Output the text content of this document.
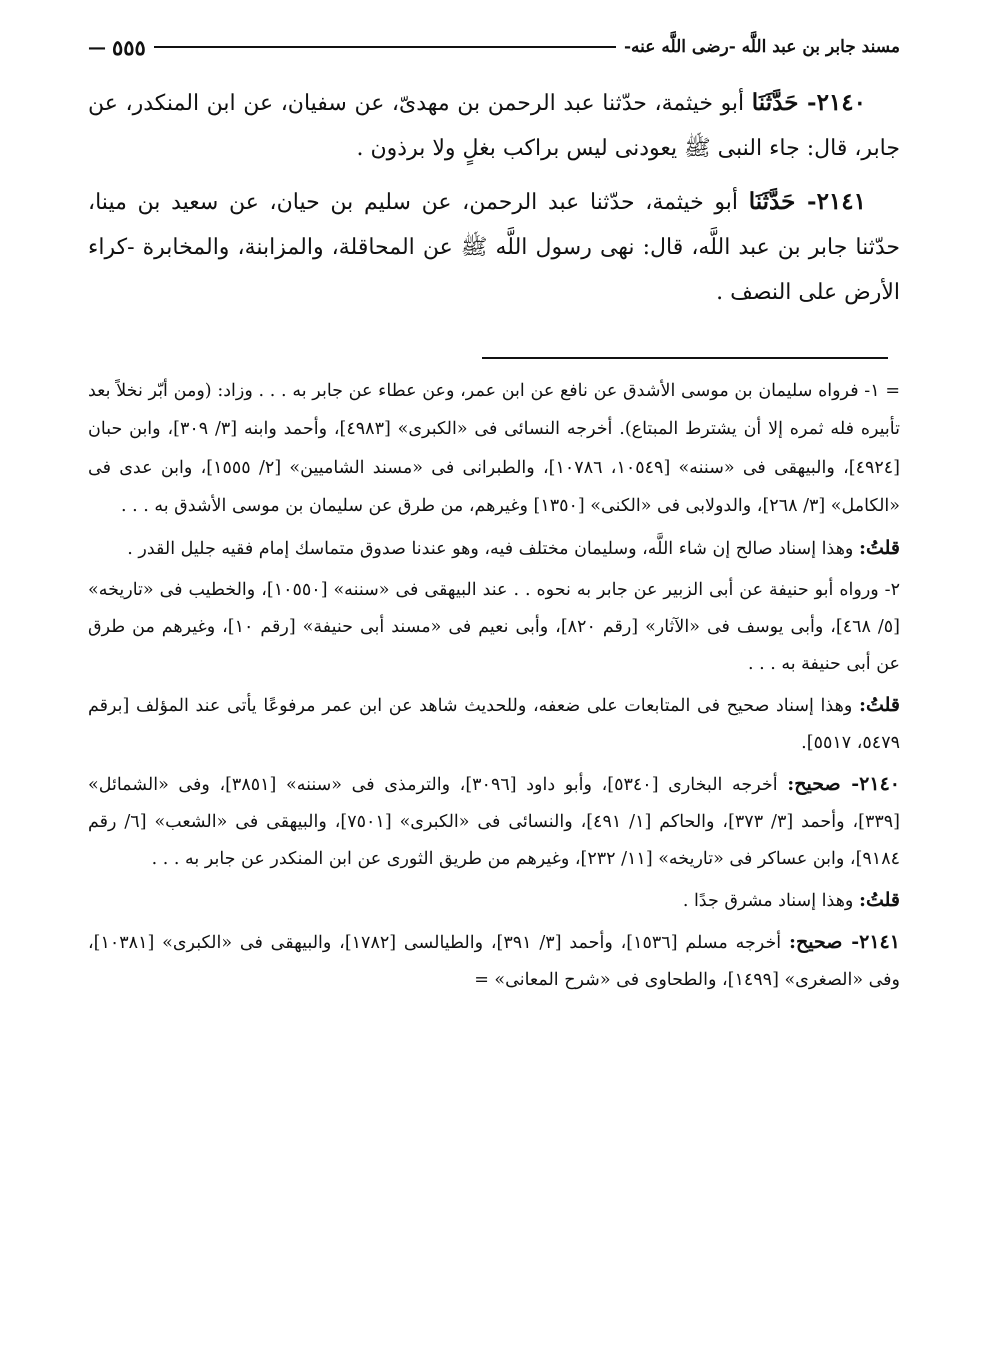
مسند جابر بن عبد اللَّه -رضى اللَّه عنه-
٥٥٥
—

٢١٤٠- حَدَّثَنَا أبو خيثمة، حدّثنا عبد الرحمن بن مهدىّ، عن سفيان، عن ابن المنكدر، عن جابر، قال: جاء النبى ﷺ يعودنى ليس براكب بغلٍ ولا برذون .

٢١٤١- حَدَّثَنَا أبو خيثمة، حدّثنا عبد الرحمن، عن سليم بن حيان، عن سعيد بن مينا، حدّثنا جابر بن عبد اللَّه، قال: نهى رسول اللَّه ﷺ عن المحاقلة، والمزابنة، والمخابرة -كراء الأرض على النصف .

= ١- فرواه سليمان بن موسى الأشدق عن نافع عن ابن عمر، وعن عطاء عن جابر به . . . وزاد: (ومن أبّر نخلاً بعد تأبيره فله ثمره إلا أن يشترط المبتاع). أخرجه النسائى فى «الكبرى» [٤٩٨٣]، وأحمد وابنه [٣/ ٣٠٩]، وابن حبان [٤٩٢٤]، والبيهقى فى «سننه» [١٠٥٤٩، ١٠٧٨٦]، والطبرانى فى «مسند الشاميين» [٢/ ١٥٥٥]، وابن عدى فى «الكامل» [٣/ ٢٦٨]، والدولابى فى «الكنى» [١٣٥٠] وغيرهم، من طرق عن سليمان بن موسى الأشدق به . . .

قلتُ: وهذا إسناد صالح إن شاء اللَّه، وسليمان مختلف فيه، وهو عندنا صدوق متماسك إمام فقيه جليل القدر .

٢- ورواه أبو حنيفة عن أبى الزبير عن جابر به نحوه . . عند البيهقى فى «سننه» [١٠٥٥٠]، والخطيب فى «تاريخه» [٥/ ٤٦٨]، وأبى يوسف فى «الآثار» [رقم ٨٢٠]، وأبى نعيم فى «مسند أبى حنيفة» [رقم ١٠]، وغيرهم من طرق عن أبى حنيفة به . . .

قلتُ: وهذا إسناد صحيح فى المتابعات على ضعفه، وللحديث شاهد عن ابن عمر مرفوعًا يأتى عند المؤلف [برقم ٥٤٧٩، ٥٥١٧].

٢١٤٠- صحيح: أخرجه البخارى [٥٣٤٠]، وأبو داود [٣٠٩٦]، والترمذى فى «سننه» [٣٨٥١]، وفى «الشمائل» [٣٣٩]، وأحمد [٣/ ٣٧٣]، والحاكم [١/ ٤٩١]، والنسائى فى «الكبرى» [٧٥٠١]، والبيهقى فى «الشعب» [٦/ رقم ٩١٨٤]، وابن عساكر فى «تاريخه» [١١/ ٢٣٢]، وغيرهم من طريق الثورى عن ابن المنكدر عن جابر به . . .

قلتُ: وهذا إسناد مشرق جدًا .

٢١٤١- صحيح: أخرجه مسلم [١٥٣٦]، وأحمد [٣/ ٣٩١]، والطيالسى [١٧٨٢]، والبيهقى فى «الكبرى» [١٠٣٨١]، وفى «الصغرى» [١٤٩٩]، والطحاوى فى «شرح المعانى» =
